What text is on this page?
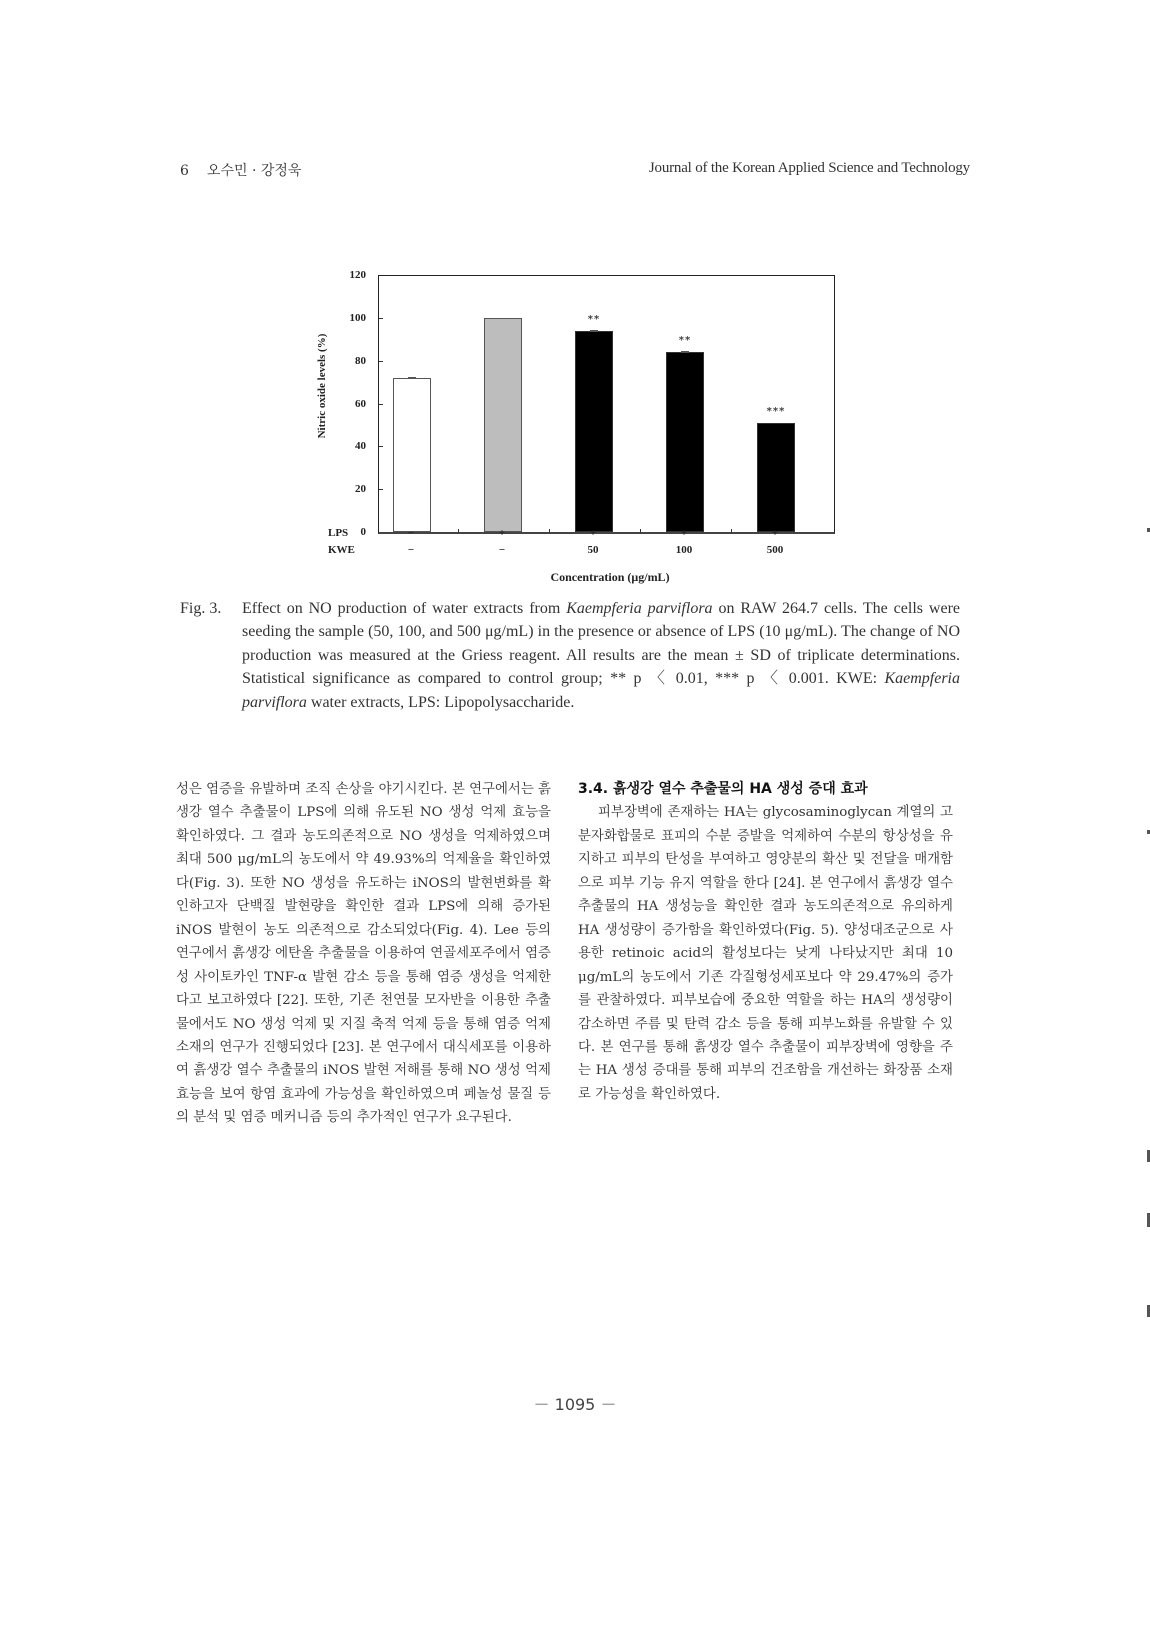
6 오수민 · 강정욱	Journal of the Korean Applied Science and Technology
Nitric oxide levels (%)
0
20
40
60
80
100
120
**
**
***
LPS
KWE
−
−
+
−
+
50
+
100
+
500
Concentration (μg/mL)
Fig. 3. Effect on NO production of water extracts from Kaempferia parviflora on RAW 264.7 cells. The cells were seeding the sample (50, 100, and 500 μg/mL) in the presence or absence of LPS (10 μg/mL). The change of NO production was measured at the Griess reagent. All results are the mean ± SD of triplicate determinations. Statistical significance as compared to control group; ** p 〈 0.01, *** p 〈 0.001. KWE: Kaempferia parviflora water extracts, LPS: Lipopolysaccharide.

성은 염증을 유발하며 조직 손상을 야기시킨다. 본 연구에서는 흙생강 열수 추출물이 LPS에 의해 유도된 NO 생성 억제 효능을 확인하였다. 그 결과 농도의존적으로 NO 생성을 억제하였으며 최대 500 μg/mL의 농도에서 약 49.93%의 억제율을 확인하였다(Fig. 3). 또한 NO 생성을 유도하는 iNOS의 발현변화를 확인하고자 단백질 발현량을 확인한 결과 LPS에 의해 증가된 iNOS 발현이 농도 의존적으로 감소되었다(Fig. 4). Lee 등의 연구에서 흙생강 에탄올 추출물을 이용하여 연골세포주에서 염증성 사이토카인 TNF-α 발현 감소 등을 통해 염증 생성을 억제한다고 보고하였다 [22]. 또한, 기존 천연물 모자반을 이용한 추출물에서도 NO 생성 억제 및 지질 축적 억제 등을 통해 염증 억제 소재의 연구가 진행되었다 [23]. 본 연구에서 대식세포를 이용하여 흙생강 열수 추출물의 iNOS 발현 저해를 통해 NO 생성 억제 효능을 보여 항염 효과에 가능성을 확인하였으며 페놀성 물질 등의 분석 및 염증 메커니즘 등의 추가적인 연구가 요구된다.

3.4. 흙생강 열수 추출물의 HA 생성 증대 효과

피부장벽에 존재하는 HA는 glycosaminoglycan 계열의 고분자화합물로 표피의 수분 증발을 억제하여 수분의 항상성을 유지하고 피부의 탄성을 부여하고 영양분의 확산 및 전달을 매개함으로 피부 기능 유지 역할을 한다 [24]. 본 연구에서 흙생강 열수 추출물의 HA 생성능을 확인한 결과 농도의존적으로 유의하게 HA 생성량이 증가함을 확인하였다(Fig. 5). 양성대조군으로 사용한 retinoic acid의 활성보다는 낮게 나타났지만 최대 10 μg/mL의 농도에서 기존 각질형성세포보다 약 29.47%의 증가를 관찰하였다. 피부보습에 중요한 역할을 하는 HA의 생성량이 감소하면 주름 및 탄력 감소 등을 통해 피부노화를 유발할 수 있다. 본 연구를 통해 흙생강 열수 추출물이 피부장벽에 영향을 주는 HA 생성 증대를 통해 피부의 건조함을 개선하는 화장품 소재로 가능성을 확인하였다.

－ 1095 －
